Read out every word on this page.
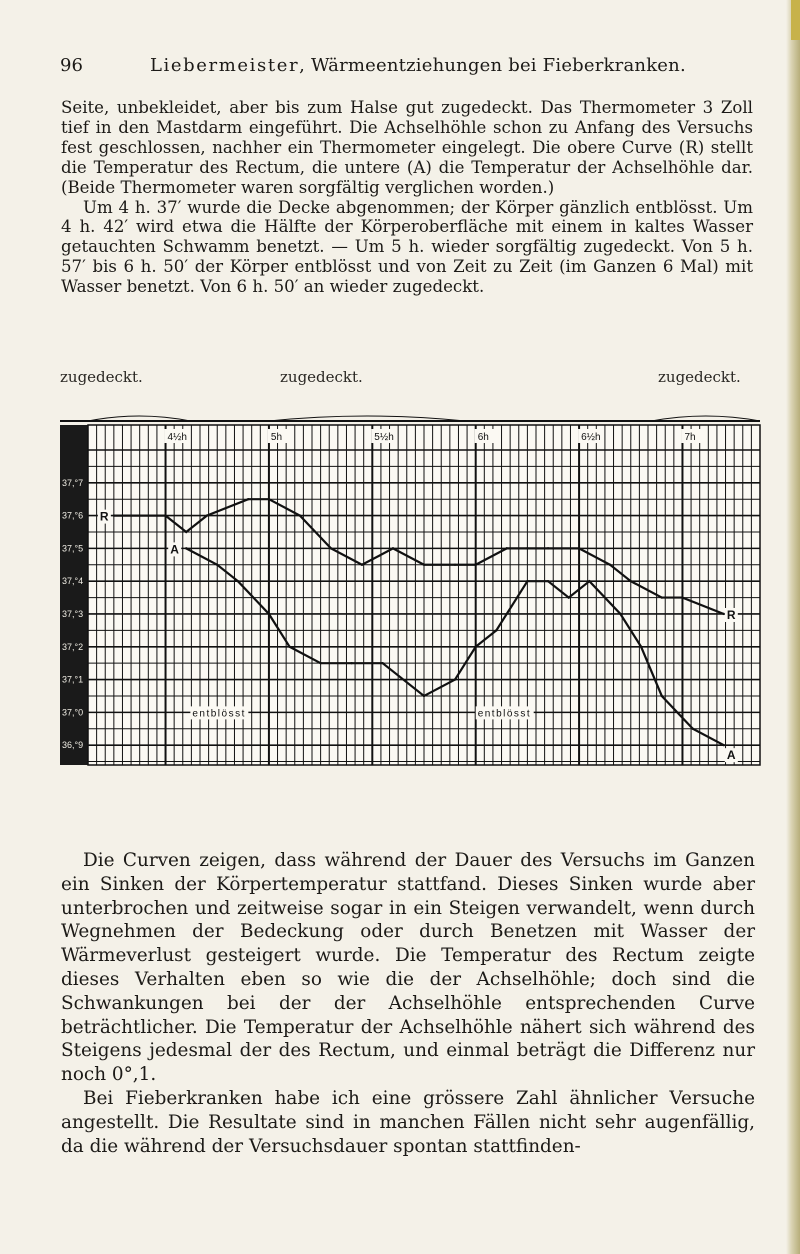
96	Liebermeister, Wärmeentziehungen bei Fieberkranken.

Seite, unbekleidet, aber bis zum Halse gut zugedeckt. Das Thermometer 3 Zoll tief in den Mastdarm eingeführt. Die Achselhöhle schon zu Anfang des Versuchs fest geschlossen, nachher ein Thermometer eingelegt. Die obere Curve (R) stellt die Temperatur des Rectum, die untere (A) die Temperatur der Achselhöhle dar. (Beide Thermometer waren sorgfältig verglichen worden.)

Um 4 h. 37′ wurde die Decke abgenommen; der Körper gänzlich entblösst. Um 4 h. 42′ wird etwa die Hälfte der Körperoberfläche mit einem in kaltes Wasser getauchten Schwamm benetzt. — Um 5 h. wieder sorgfältig zugedeckt. Von 5 h. 57′ bis 6 h. 50′ der Körper entblösst und von Zeit zu Zeit (im Ganzen 6 Mal) mit Wasser benetzt. Von 6 h. 50′ an wieder zugedeckt.

zugedeckt.	zugedeckt.	zugedeckt.
37,°7
37,°6
37,°5
37,°4
37,°3
37,°2
37,°1
37,°0
36,°9
4½h	5h	5½h	6h	6½h	7h
R
A
R
A
entblösst	entblösst

Die Curven zeigen, dass während der Dauer des Versuchs im Ganzen ein Sinken der Körpertemperatur stattfand. Dieses Sinken wurde aber unterbrochen und zeitweise sogar in ein Steigen verwandelt, wenn durch Wegnehmen der Bedeckung oder durch Benetzen mit Wasser der Wärmeverlust gesteigert wurde. Die Temperatur des Rectum zeigte dieses Verhalten eben so wie die der Achselhöhle; doch sind die Schwankungen bei der der Achselhöhle entsprechenden Curve beträchtlicher. Die Temperatur der Achselhöhle nähert sich während des Steigens jedesmal der des Rectum, und einmal beträgt die Differenz nur noch 0°,1.

Bei Fieberkranken habe ich eine grössere Zahl ähnlicher Versuche angestellt. Die Resultate sind in manchen Fällen nicht sehr augenfällig, da die während der Versuchsdauer spontan stattfinden-
